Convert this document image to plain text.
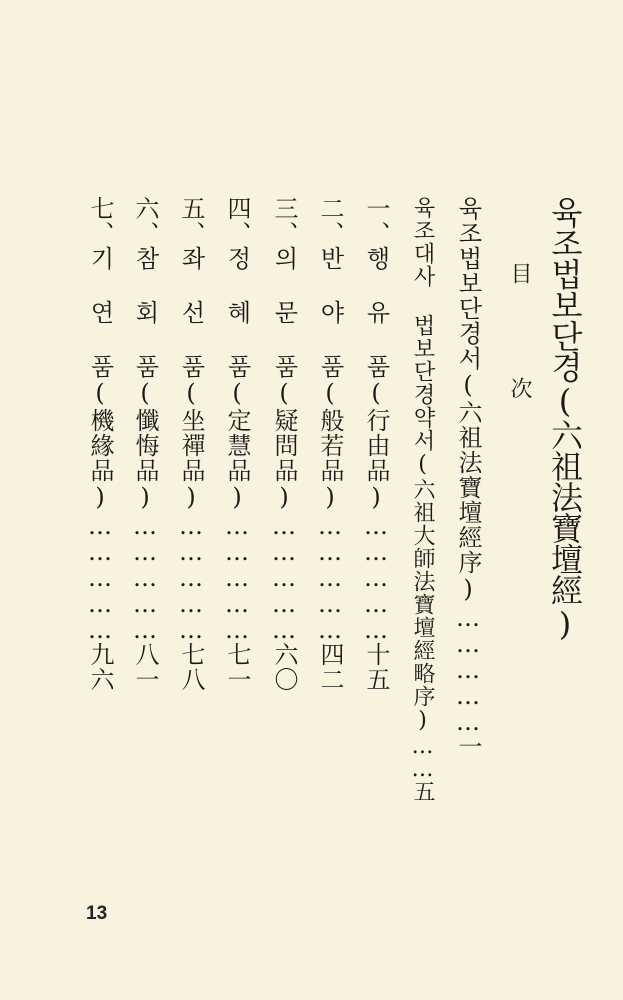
육조법보단경(六祖法寶壇經)
目 次
육조법보단경서(六祖法寶壇經序)……………一
육조대사 법보단경약서(六祖大師法寶壇經略序)……五
一、행 유 품(行由品)……………十五
二、반 야 품(般若品)……………四二
三、의 문 품(疑問品)……………六〇
四、정 혜 품(定慧品)……………七一
五、좌 선 품(坐禪品)……………七八
六、참 회 품(懺悔品)……………八一
七、기 연 품(機緣品)……………九六
13
